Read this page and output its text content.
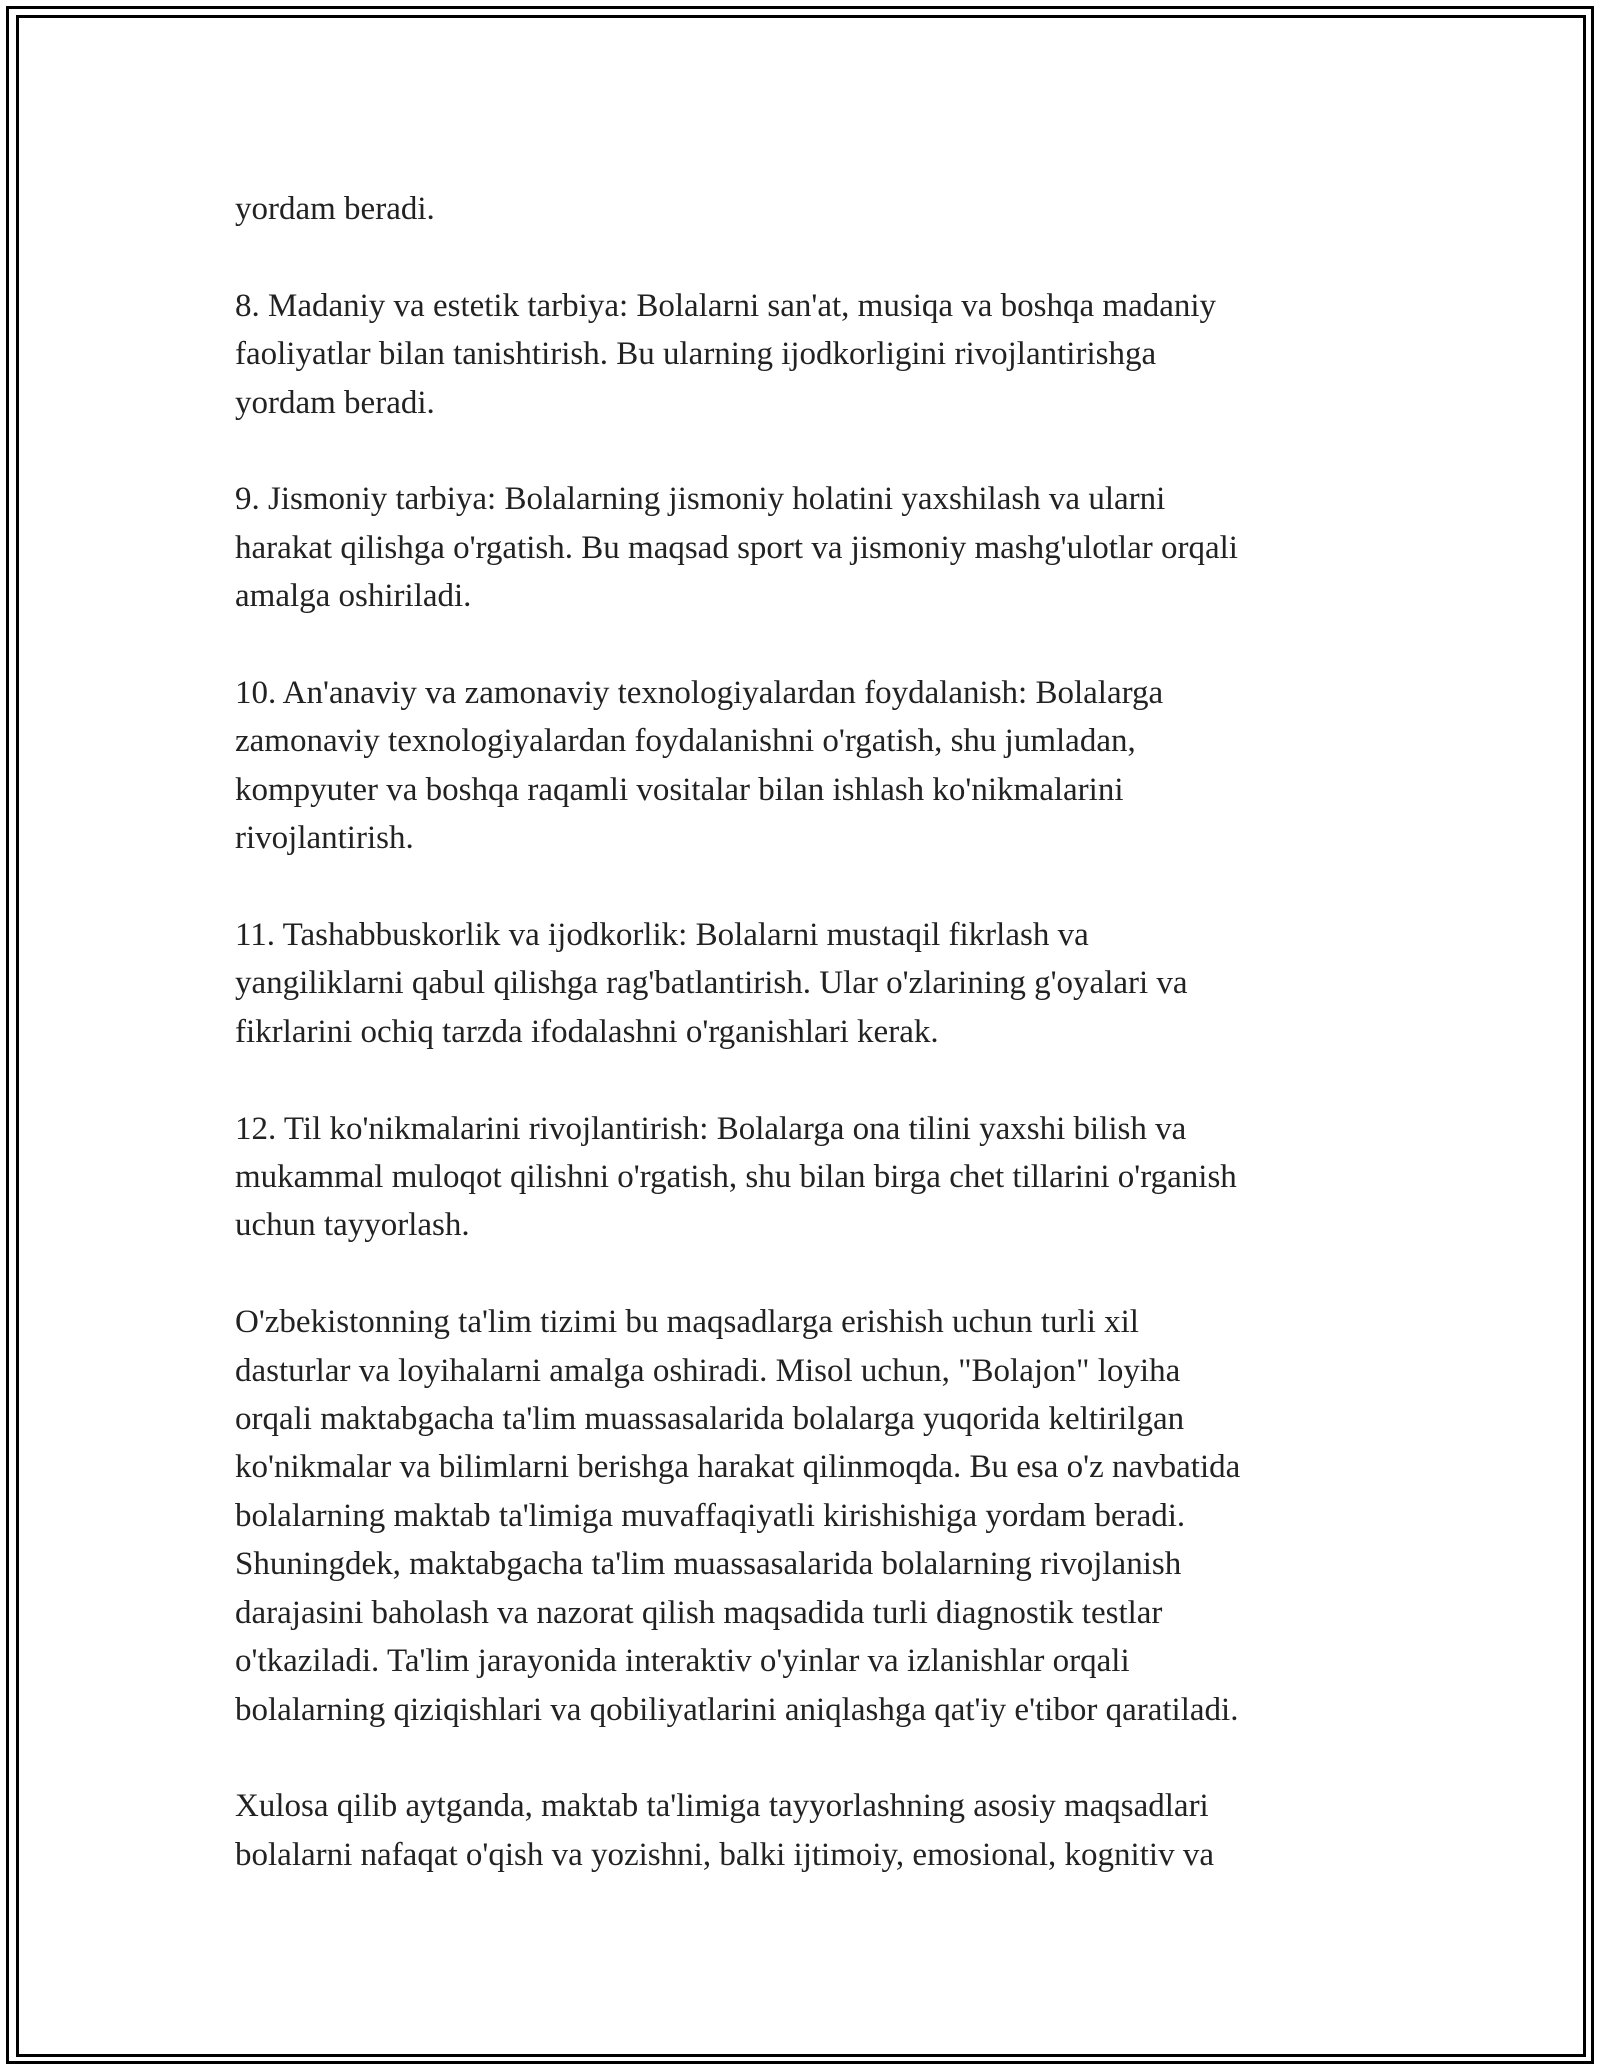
yordam beradi.

8. Madaniy va estetik tarbiya: Bolalarni san'at, musiqa va boshqa madaniy
faoliyatlar bilan tanishtirish. Bu ularning ijodkorligini rivojlantirishga
yordam beradi.

9. Jismoniy tarbiya: Bolalarning jismoniy holatini yaxshilash va ularni
harakat qilishga o'rgatish. Bu maqsad sport va jismoniy mashg'ulotlar orqali
amalga oshiriladi.

10. An'anaviy va zamonaviy texnologiyalardan foydalanish: Bolalarga
zamonaviy texnologiyalardan foydalanishni o'rgatish, shu jumladan,
kompyuter va boshqa raqamli vositalar bilan ishlash ko'nikmalarini
rivojlantirish.

11. Tashabbuskorlik va ijodkorlik: Bolalarni mustaqil fikrlash va
yangiliklarni qabul qilishga rag'batlantirish. Ular o'zlarining g'oyalari va
fikrlarini ochiq tarzda ifodalashni o'rganishlari kerak.

12. Til ko'nikmalarini rivojlantirish: Bolalarga ona tilini yaxshi bilish va
mukammal muloqot qilishni o'rgatish, shu bilan birga chet tillarini o'rganish
uchun tayyorlash.

O'zbekistonning ta'lim tizimi bu maqsadlarga erishish uchun turli xil
dasturlar va loyihalarni amalga oshiradi. Misol uchun, "Bolajon" loyiha
orqali maktabgacha ta'lim muassasalarida bolalarga yuqorida keltirilgan
ko'nikmalar va bilimlarni berishga harakat qilinmoqda. Bu esa o'z navbatida
bolalarning maktab ta'limiga muvaffaqiyatli kirishishiga yordam beradi.
Shuningdek, maktabgacha ta'lim muassasalarida bolalarning rivojlanish
darajasini baholash va nazorat qilish maqsadida turli diagnostik testlar
o'tkaziladi. Ta'lim jarayonida interaktiv o'yinlar va izlanishlar orqali
bolalarning qiziqishlari va qobiliyatlarini aniqlashga qat'iy e'tibor qaratiladi.

Xulosa qilib aytganda, maktab ta'limiga tayyorlashning asosiy maqsadlari
bolalarni nafaqat o'qish va yozishni, balki ijtimoiy, emosional, kognitiv va
